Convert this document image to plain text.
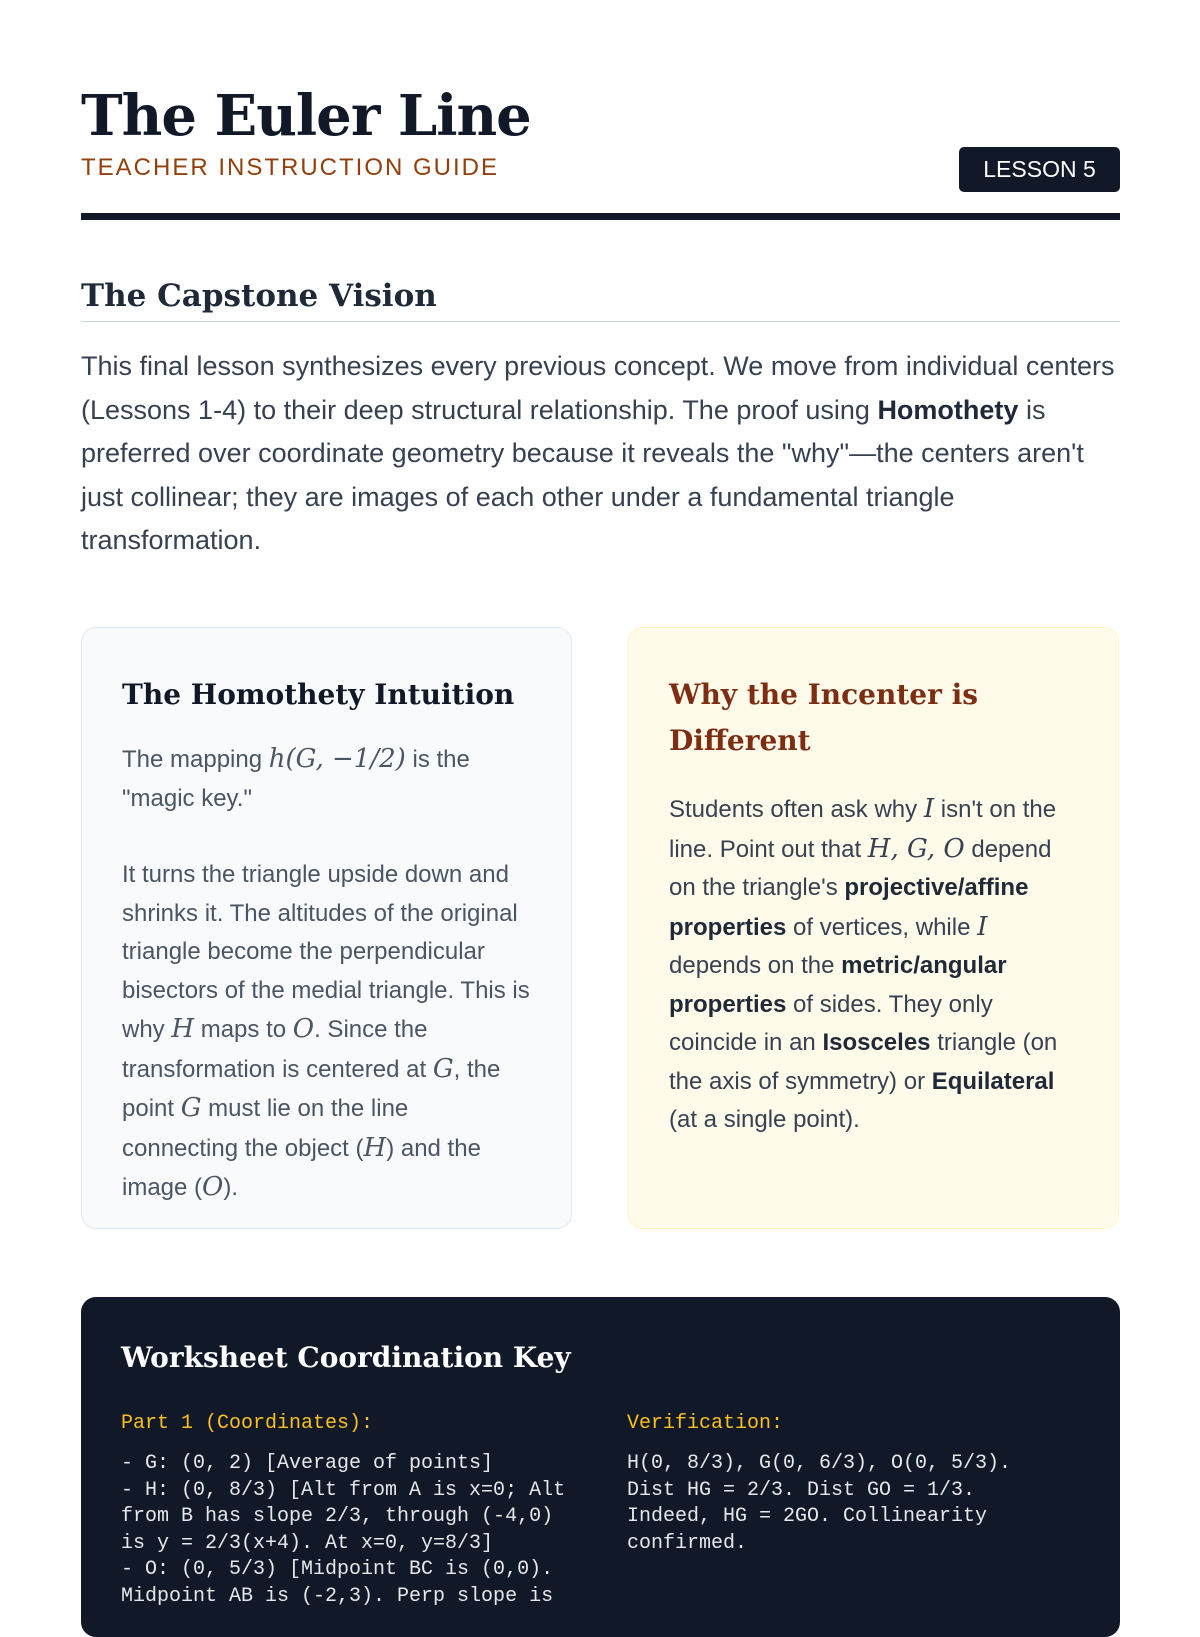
The Euler Line
TEACHER INSTRUCTION GUIDE	LESSON 5
The Capstone Vision

This final lesson synthesizes every previous concept. We move from individual centers (Lessons 1-4) to their deep structural relationship. The proof using Homothety is preferred over coordinate geometry because it reveals the "why"—the centers aren't just collinear; they are images of each other under a fundamental triangle transformation.

The Homothety Intuition

The mapping h(G, −1/2) is the "magic key."

It turns the triangle upside down and shrinks it. The altitudes of the original triangle become the perpendicular bisectors of the medial triangle. This is why H maps to O. Since the transformation is centered at G, the point G must lie on the line connecting the object (H) and the image (O).

Why the Incenter is Different

Students often ask why I isn't on the line. Point out that H, G, O depend on the triangle's projective/affine properties of vertices, while I depends on the metric/angular properties of sides. They only coincide in an Isosceles triangle (on the axis of symmetry) or Equilateral (at a single point).

Worksheet Coordination Key
Part 1 (Coordinates):
- G: (0, 2) [Average of points]
- H: (0, 8/3) [Alt from A is x=0; Alt
from B has slope 2/3, through (-4,0)
is y = 2/3(x+4). At x=0, y=8/3]
- O: (0, 5/3) [Midpoint BC is (0,0).
Midpoint AB is (-2,3). Perp slope is
Verification:
H(0, 8/3), G(0, 6/3), O(0, 5/3).
Dist HG = 2/3. Dist GO = 1/3.
Indeed, HG = 2GO. Collinearity
confirmed.
